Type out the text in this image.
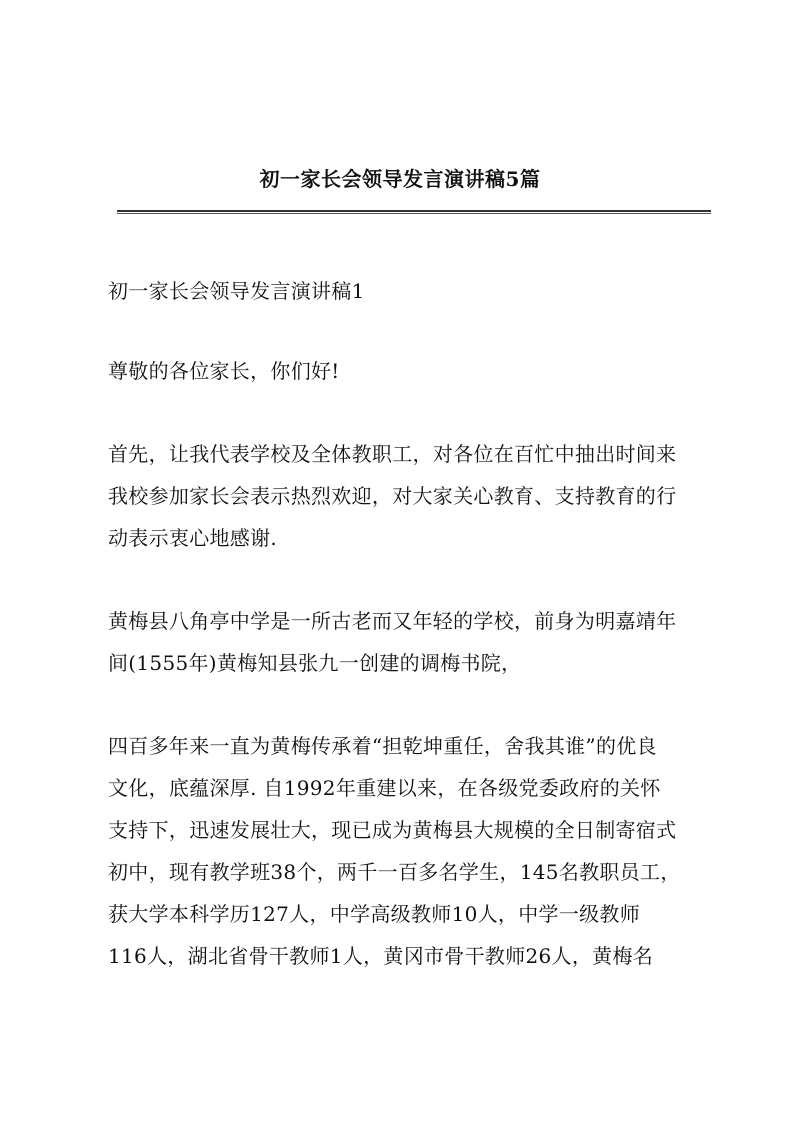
初一家长会领导发言演讲稿5篇

初一家长会领导发言演讲稿1

尊敬的各位家长，你们好!

首先，让我代表学校及全体教职工，对各位在百忙中抽出时间来
我校参加家长会表示热烈欢迎，对大家关心教育、支持教育的行
动表示衷心地感谢.

黄梅县八角亭中学是一所古老而又年轻的学校，前身为明嘉靖年
间(1555年)黄梅知县张九一创建的调梅书院，

四百多年来一直为黄梅传承着“担乾坤重任，舍我其谁”的优良
文化，底蕴深厚. 自1992年重建以来，在各级党委政府的关怀
支持下，迅速发展壮大，现已成为黄梅县大规模的全日制寄宿式
初中，现有教学班38个，两千一百多名学生，145名教职员工，
获大学本科学历127人，中学高级教师10人，中学一级教师
116人，湖北省骨干教师1人，黄冈市骨干教师26人，黄梅名
